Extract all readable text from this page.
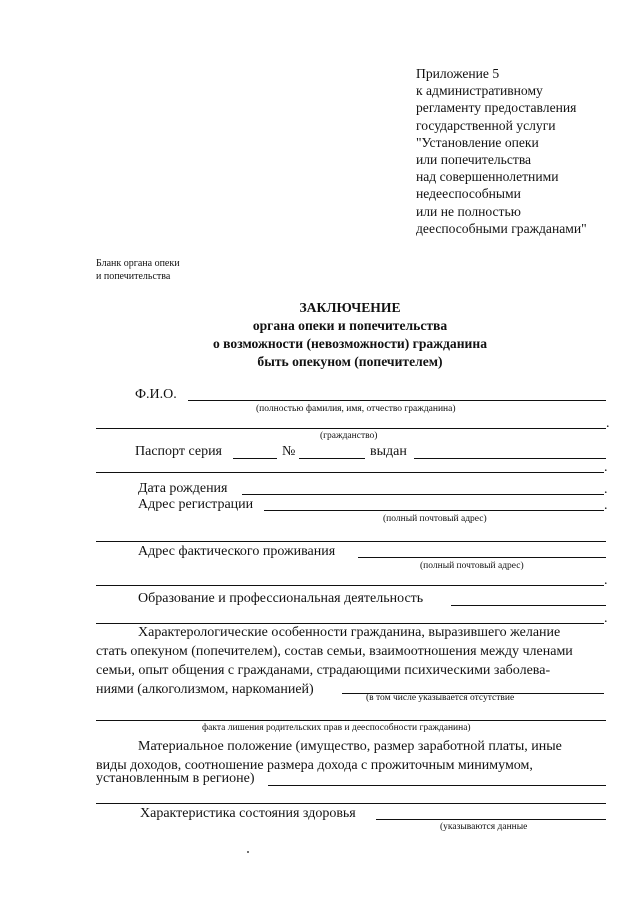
Приложение 5
к административному
регламенту предоставления
государственной услуги
"Установление опеки
или попечительства
над совершеннолетними
недееспособными
или не полностью
дееспособными гражданами"
Бланк органа опеки
и попечительства
ЗАКЛЮЧЕНИЕ
органа опеки и попечительства
о возможности (невозможности) гражданина
быть опекуном (попечителем)
Ф.И.О.
(полностью фамилия, имя, отчество гражданина)
.
(гражданство)
Паспорт серия	№	выдан
.
Дата рождения	.
Адрес регистрации	.
(полный почтовый адрес)
Адрес фактического проживания
(полный почтовый адрес)
.
Образование и профессиональная деятельность
.
Характерологические особенности гражданина, выразившего желание
стать опекуном (попечителем), состав семьи, взаимоотношения между членами
семьи, опыт общения с гражданами, страдающими психическими заболева-
ниями (алкоголизмом, наркоманией)
(в том числе указывается отсутствие
факта лишения родительских прав и дееспособности гражданина)
Материальное положение (имущество, размер заработной платы, иные
виды доходов, соотношение размера дохода с прожиточным минимумом,
установленным в регионе)
Характеристика состояния здоровья
(указываются данные
